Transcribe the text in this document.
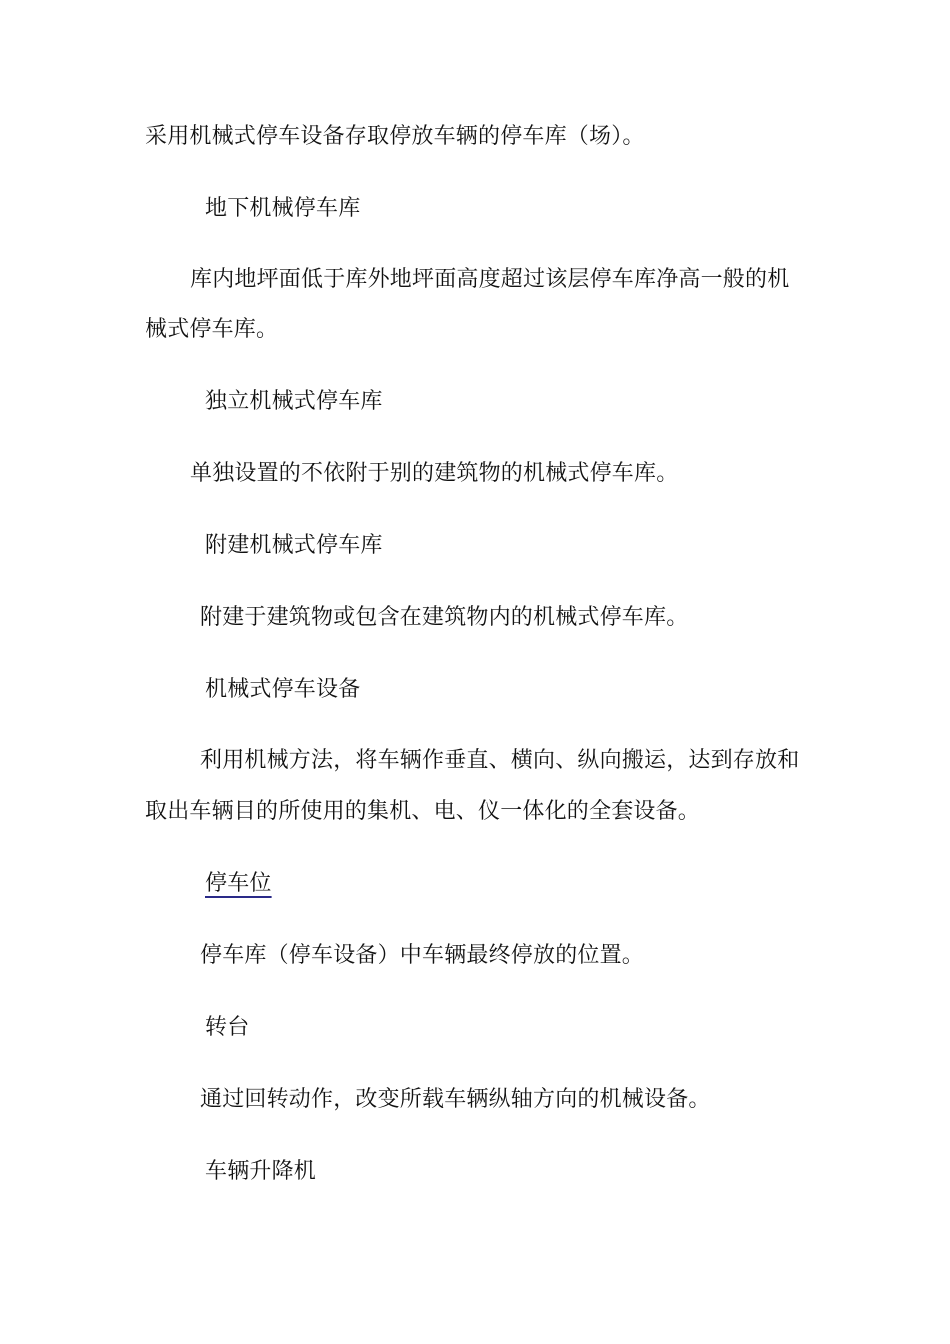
采用机械式停车设备存取停放车辆的停车库（场）。
地下机械停车库
库内地坪面低于库外地坪面高度超过该层停车库净高一般的机
械式停车库。
独立机械式停车库
单独设置的不依附于别的建筑物的机械式停车库。
附建机械式停车库
附建于建筑物或包含在建筑物内的机械式停车库。
机械式停车设备
利用机械方法，将车辆作垂直、横向、纵向搬运，达到存放和
取出车辆目的所使用的集机、电、仪一体化的全套设备。
停车位
停车库（停车设备）中车辆最终停放的位置。
转台
通过回转动作，改变所载车辆纵轴方向的机械设备。
车辆升降机
